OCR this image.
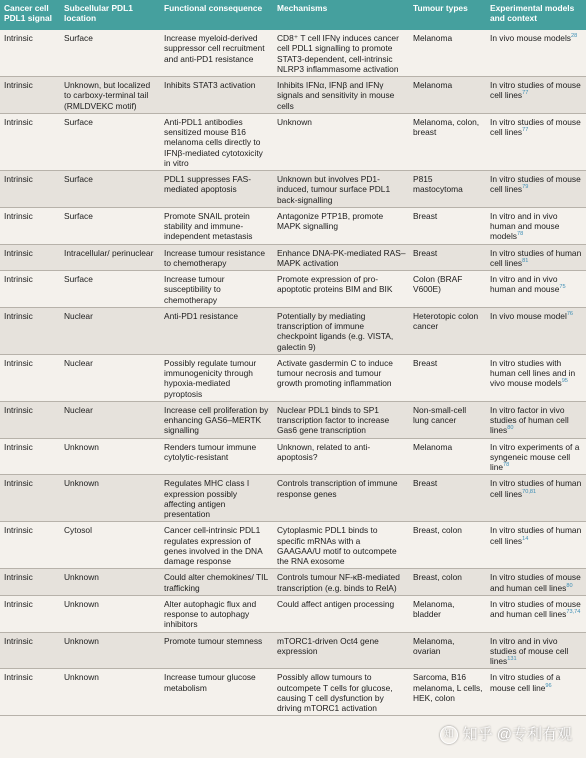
Cancer cell PDL1 signal	Subcellular PDL1 location	Functional consequence	Mechanisms	Tumour types	Experimental models and context
Intrinsic	Surface	Increase myeloid-derived suppressor cell recruitment and anti-PD1 resistance	CD8⁺ T cell IFNγ induces cancer cell PDL1 signalling to promote STAT3-dependent, cell-intrinsic NLRP3 inflammasome activation	Melanoma	In vivo mouse models$^{28}$
Intrinsic	Unknown, but localized to carboxy-terminal tail (RMLDVEKC motif)	Inhibits STAT3 activation	Inhibits IFNα, IFNβ and IFNγ signals and sensitivity in mouse cells	Melanoma	In vitro studies of mouse cell lines$^{77}$
Intrinsic	Surface	Anti-PDL1 antibodies sensitized mouse B16 melanoma cells directly to IFNβ-mediated cytotoxicity in vitro	Unknown	Melanoma, colon, breast	In vitro studies of mouse cell lines$^{77}$
Intrinsic	Surface	PDL1 suppresses FAS-mediated apoptosis	Unknown but involves PD1-induced, tumour surface PDL1 back-signalling	P815 mastocytoma	In vitro studies of mouse cell lines$^{79}$
Intrinsic	Surface	Promote SNAIL protein stability and immune-independent metastasis	Antagonize PTP1B, promote MAPK signalling	Breast	In vitro and in vivo human and mouse models$^{78}$
Intrinsic	Intracellular/ perinuclear	Increase tumour resistance to chemotherapy	Enhance DNA-PK-mediated RAS–MAPK activation	Breast	In vitro studies of human cell lines$^{81}$
Intrinsic	Surface	Increase tumour susceptibility to chemotherapy	Promote expression of pro-apoptotic proteins BIM and BIK	Colon (BRAF V600E)	In vitro and in vivo human and mouse$^{75}$
Intrinsic	Nuclear	Anti-PD1 resistance	Potentially by mediating transcription of immune checkpoint ligands (e.g. VISTA, galectin 9)	Heterotopic colon cancer	In vivo mouse model$^{76}$
Intrinsic	Nuclear	Possibly regulate tumour immunogenicity through hypoxia-mediated pyroptosis	Activate gasdermin C to induce tumour necrosis and tumour growth promoting inflammation	Breast	In vitro studies with human cell lines and in vivo mouse models$^{95}$
Intrinsic	Nuclear	Increase cell proliferation by enhancing GAS6–MERTK signalling	Nuclear PDL1 binds to SP1 transcription factor to increase Gas6 gene transcription	Non-small-cell lung cancer	In vitro factor in vivo studies of human cell lines$^{80}$
Intrinsic	Unknown	Renders tumour immune cytolytic-resistant	Unknown, related to anti-apoptosis?	Melanoma	In vitro experiments of a syngeneic mouse cell line$^{78}$
Intrinsic	Unknown	Regulates MHC class I expression possibly affecting antigen presentation	Controls transcription of immune response genes	Breast	In vitro studies of human cell lines$^{70,81}$
Intrinsic	Cytosol	Cancer cell-intrinsic PDL1 regulates expression of genes involved in the DNA damage response	Cytoplasmic PDL1 binds to specific mRNAs with a GAAGAA/U motif to outcompete the RNA exosome	Breast, colon	In vitro studies of human cell lines$^{14}$
Intrinsic	Unknown	Could alter chemokines/ TIL trafficking	Controls tumour NF-κB-mediated transcription (e.g. binds to RelA)	Breast, colon	In vitro studies of mouse and human cell lines$^{80}$
Intrinsic	Unknown	Alter autophagic flux and response to autophagy inhibitors	Could affect antigen processing	Melanoma, bladder	In vitro studies of mouse and human cell lines$^{73,74}$
Intrinsic	Unknown	Promote tumour stemness	mTORC1-driven Oct4 gene expression	Melanoma, ovarian	In vitro and in vivo studies of mouse cell lines$^{131}$
Intrinsic	Unknown	Increase tumour glucose metabolism	Possibly allow tumours to outcompete T cells for glucose, causing T cell dysfunction by driving mTORC1 activation	Sarcoma, B16 melanoma, L cells, HEK, colon	In vitro studies of a mouse cell line$^{96}$
知 知乎 @专利有观
